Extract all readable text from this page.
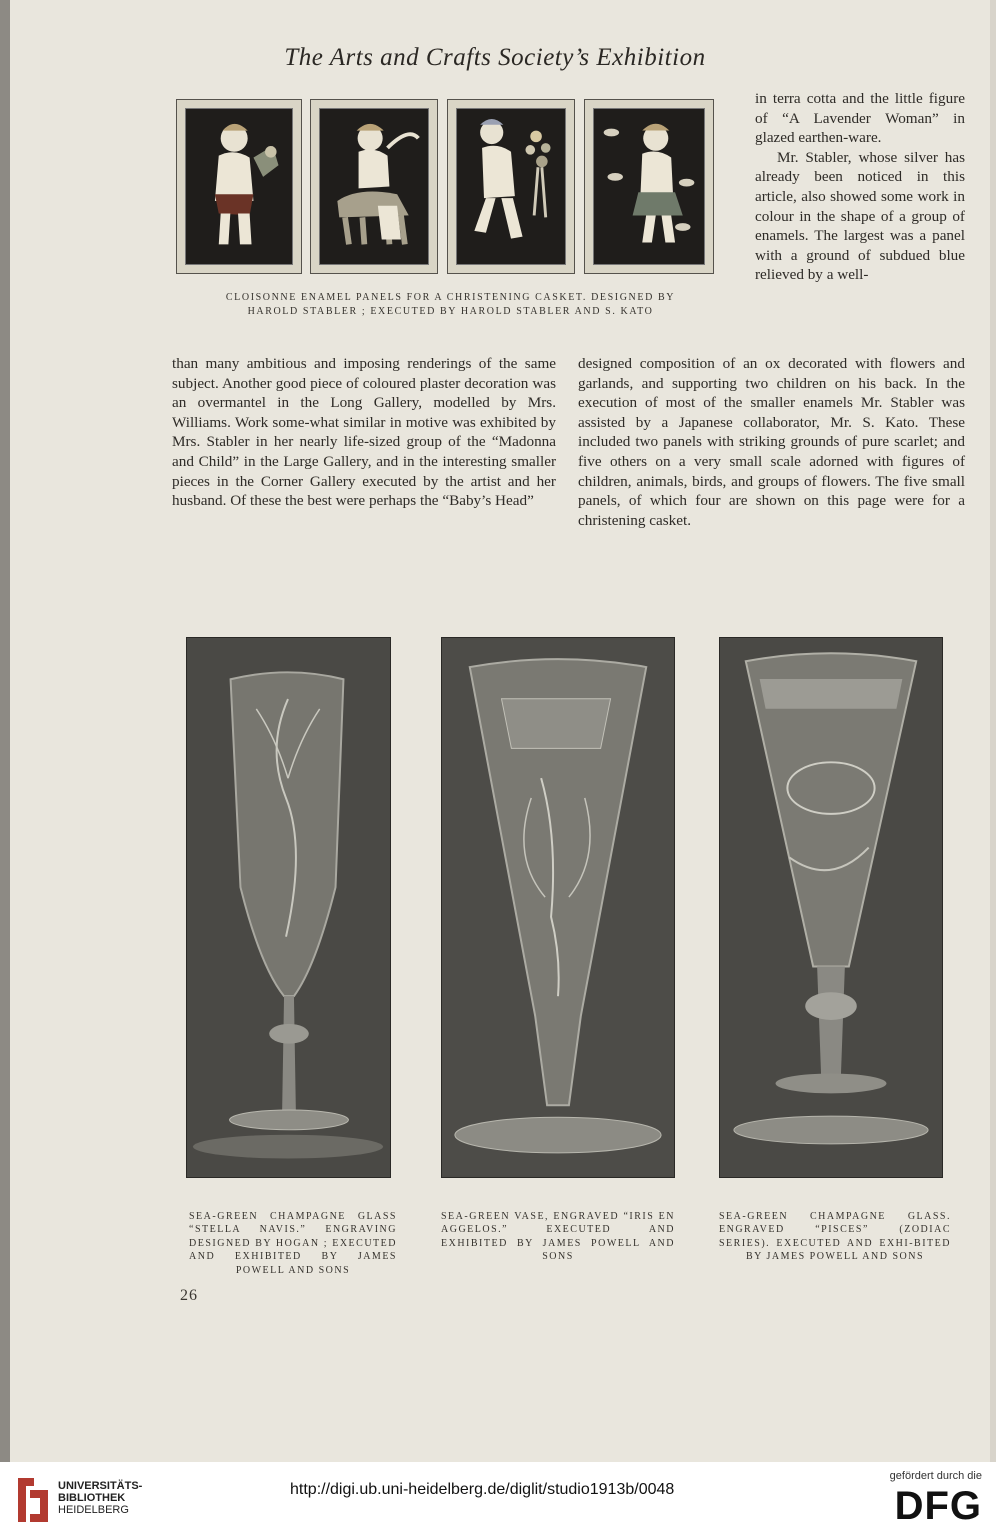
The Arts and Crafts Society’s Exhibition
CLOISONNE ENAMEL PANELS FOR A CHRISTENING CASKET. DESIGNED BY
HAROLD STABLER ; EXECUTED BY HAROLD STABLER AND S. KATO

in terra cotta and the little figure of “A Lavender Woman” in glazed earthen-ware.

Mr. Stabler, whose silver has already been noticed in this article, also showed some work in colour in the shape of a group of enamels. The largest was a panel with a ground of subdued blue relieved by a well-

than many ambitious and imposing renderings of the same subject. Another good piece of coloured plaster decoration was an overmantel in the Long Gallery, modelled by Mrs. Williams. Work some-what similar in motive was exhibited by Mrs. Stabler in her nearly life-sized group of the “Madonna and Child” in the Large Gallery, and in the interesting smaller pieces in the Corner Gallery executed by the artist and her husband. Of these the best were perhaps the “Baby’s Head”

designed composition of an ox decorated with flowers and garlands, and supporting two children on his back. In the execution of most of the smaller enamels Mr. Stabler was assisted by a Japanese collaborator, Mr. S. Kato. These included two panels with striking grounds of pure scarlet; and five others on a very small scale adorned with figures of children, animals, birds, and groups of flowers. The five small panels, of which four are shown on this page were for a christening casket.

SEA-GREEN CHAMPAGNE GLASS “STELLA NAVIS.” ENGRAVING DESIGNED BY HOGAN ; EXECUTED AND EXHIBITED BY JAMES POWELL AND SONS
SEA-GREEN VASE, ENGRAVED “IRIS EN AGGELOS.” EXECUTED AND EXHIBITED BY JAMES POWELL AND SONS
SEA-GREEN CHAMPAGNE GLASS. ENGRAVED “PISCES” (ZODIAC SERIES). EXECUTED AND EXHI-BITED BY JAMES POWELL AND SONS
26
UNIVERSITÄTS-
BIBLIOTHEK
HEIDELBERG
http://digi.ub.uni-heidelberg.de/diglit/studio1913b/0048
gefördert durch die
DFG
